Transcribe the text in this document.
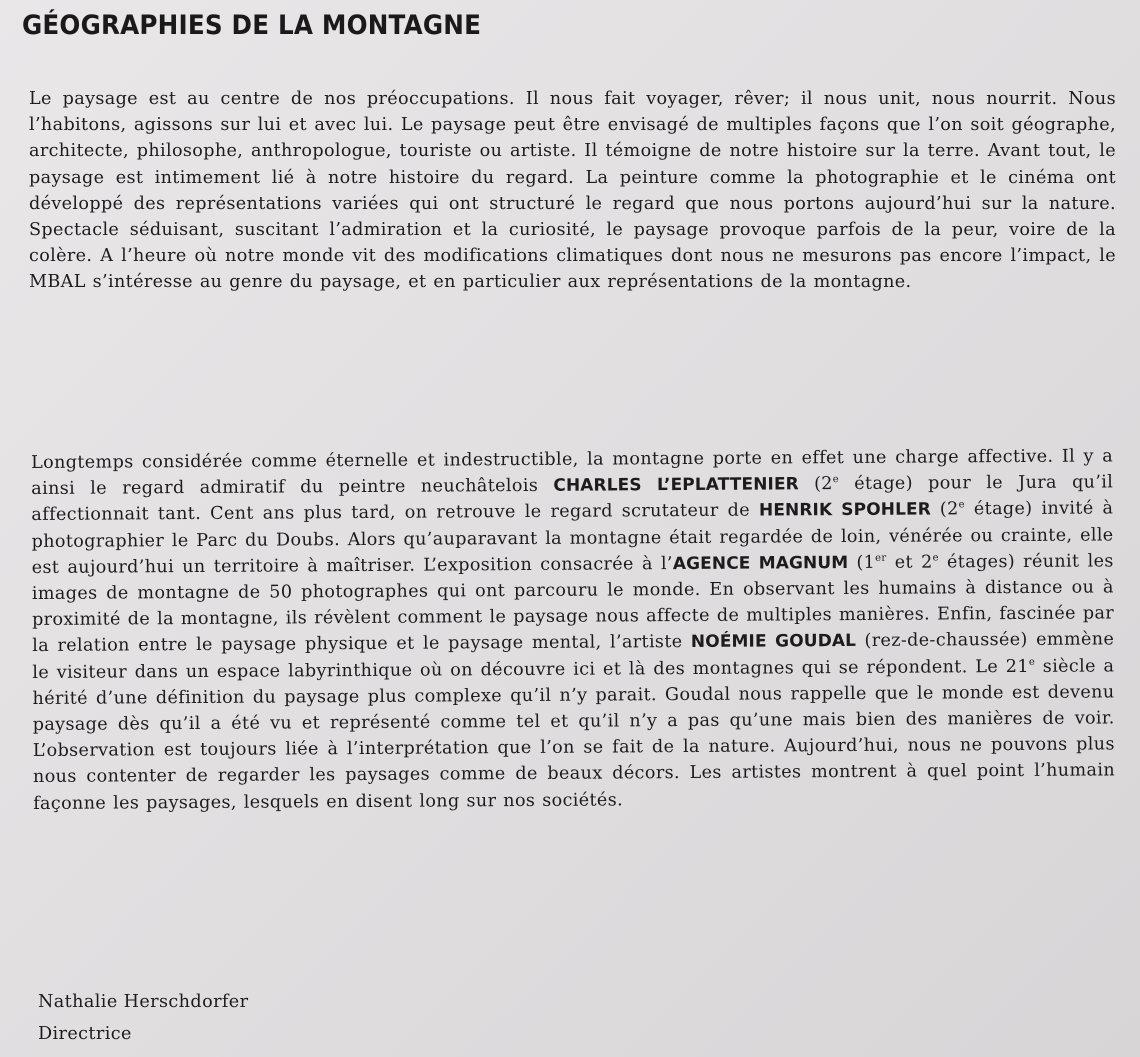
GÉOGRAPHIES DE LA MONTAGNE

Le paysage est au centre de nos préoccupations. Il nous fait voyager, rêver; il nous unit, nous nourrit. Nous l’habitons, agissons sur lui et avec lui. Le paysage peut être envisagé de multiples façons que l’on soit géographe, architecte, philosophe, anthropologue, touriste ou artiste. Il témoigne de notre histoire sur la terre. Avant tout, le paysage est intimement lié à notre histoire du regard. La peinture comme la photographie et le cinéma ont développé des représentations variées qui ont structuré le regard que nous portons aujourd’hui sur la nature. Spectacle séduisant, suscitant l’admiration et la curiosité, le paysage provoque parfois de la peur, voire de la colère. A l’heure où notre monde vit des modifications climatiques dont nous ne mesurons pas encore l’impact, le MBAL s’intéresse au genre du paysage, et en particulier aux représentations de la montagne.

Longtemps considérée comme éternelle et indestructible, la montagne porte en effet une charge affective. Il y a ainsi le regard admiratif du peintre neuchâtelois CHARLES L’EPLATTENIER (2e étage) pour le Jura qu’il affectionnait tant. Cent ans plus tard, on retrouve le regard scrutateur de HENRIK SPOHLER (2e étage) invité à photographier le Parc du Doubs. Alors qu’auparavant la montagne était regardée de loin, vénérée ou crainte, elle est aujourd’hui un territoire à maîtriser. L’exposition consacrée à l’AGENCE MAGNUM (1er et 2e étages) réunit les images de montagne de 50 photographes qui ont parcouru le monde. En observant les humains à distance ou à proximité de la montagne, ils révèlent comment le paysage nous affecte de multiples manières. Enfin, fascinée par la relation entre le paysage physique et le paysage mental, l’artiste NOÉMIE GOUDAL (rez-de-chaussée) emmène le visiteur dans un espace labyrinthique où on découvre ici et là des montagnes qui se répondent. Le 21e siècle a hérité d’une définition du paysage plus complexe qu’il n’y parait. Goudal nous rappelle que le monde est devenu paysage dès qu’il a été vu et représenté comme tel et qu’il n’y a pas qu’une mais bien des manières de voir. L’observation est toujours liée à l’interprétation que l’on se fait de la nature. Aujourd’hui, nous ne pouvons plus nous contenter de regarder les paysages comme de beaux décors. Les artistes montrent à quel point l’humain façonne les paysages, lesquels en disent long sur nos sociétés.

Nathalie Herschdorfer
Directrice
